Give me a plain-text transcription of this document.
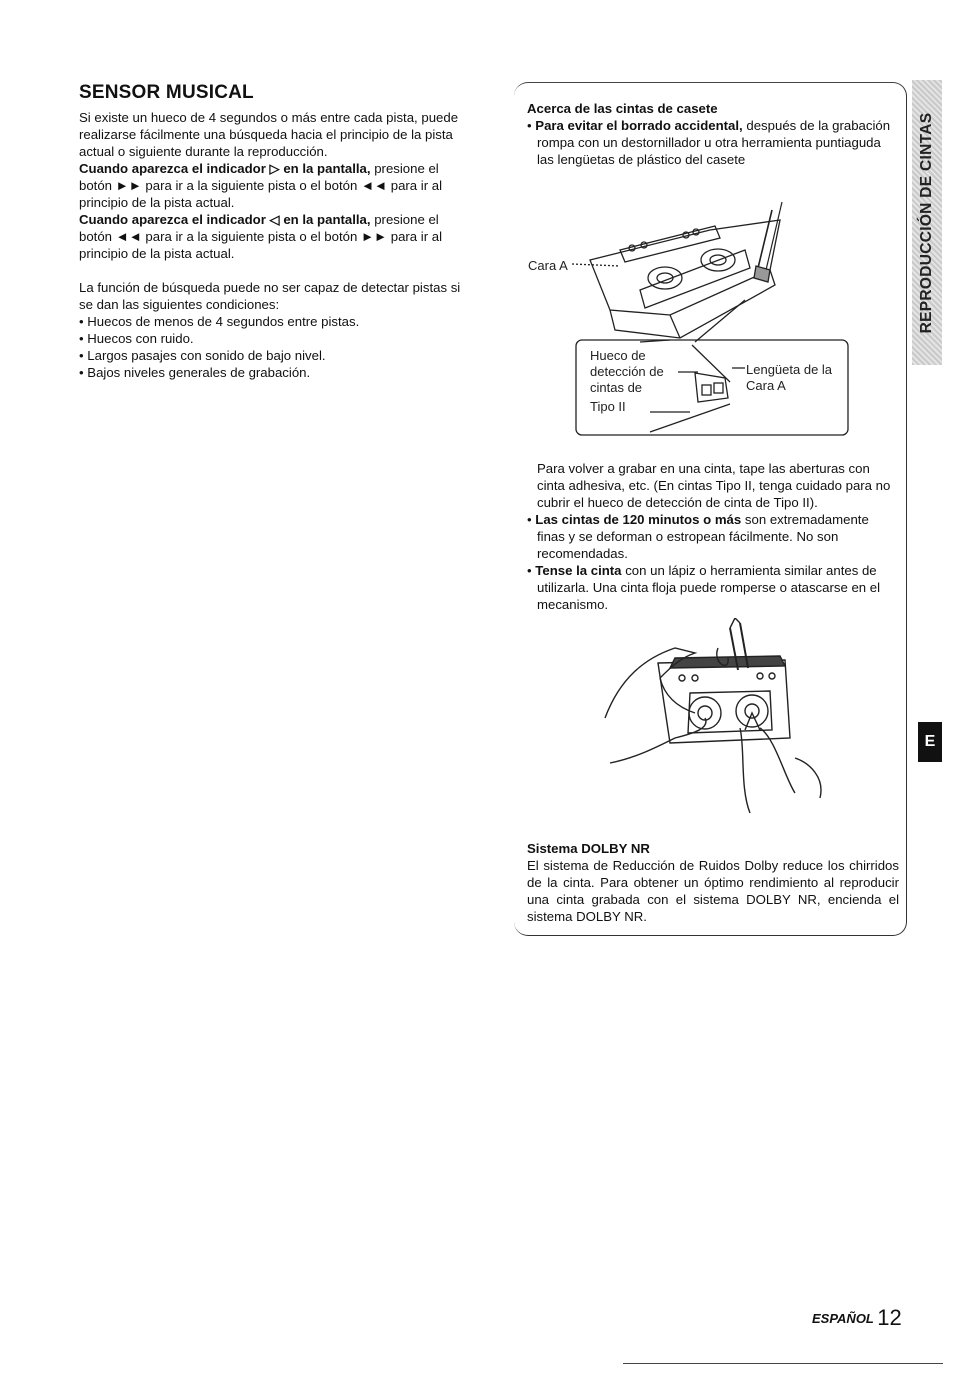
SENSOR MUSICAL

Si existe un hueco de 4 segundos o más entre cada pista, puede realizarse fácilmente una búsqueda hacia el principio de la pista actual o siguiente durante la reproducción.

Cuando aparezca el indicador ▷ en la pantalla, presione el botón ►► para ir a la siguiente pista o el botón ◄◄ para ir al principio de la pista actual.

Cuando aparezca el indicador ◁ en la pantalla, presione el botón ◄◄ para ir a la siguiente pista o el botón ►► para ir al principio de la pista actual.

La función de búsqueda puede no ser capaz de detectar pistas si se dan las siguientes condiciones:

• Huecos de menos de 4 segundos entre pistas.
• Huecos con ruido.
• Largos pasajes con sonido de bajo nivel.
• Bajos niveles generales de grabación.

Acerca de las cintas de casete

• Para evitar el borrado accidental, después de la grabación rompa con un destornillador u otra herramienta puntiaguda las lengüetas de plástico del casete

Cara A
Hueco de
detección de
cintas de
Tipo II
Lengüeta de la
Cara A

Para volver a grabar en una cinta, tape las aberturas con cinta adhesiva, etc. (En cintas Tipo II, tenga cuidado para no cubrir el hueco de detección de cinta de Tipo II).

• Las cintas de 120 minutos o más son extremadamente finas y se deforman o estropean fácilmente. No son recomendadas.

• Tense la cinta con un lápiz o herramienta similar antes de utilizarla. Una cinta floja puede romperse o atascarse en el mecanismo.

Sistema DOLBY NR

El sistema de Reducción de Ruidos Dolby reduce los chirridos de la cinta. Para obtener un óptimo rendimiento al reproducir una cinta grabada con el sistema DOLBY NR, encienda el sistema DOLBY NR.

REPRODUCCIÓN DE CINTAS
E
ESPAÑOL 12
